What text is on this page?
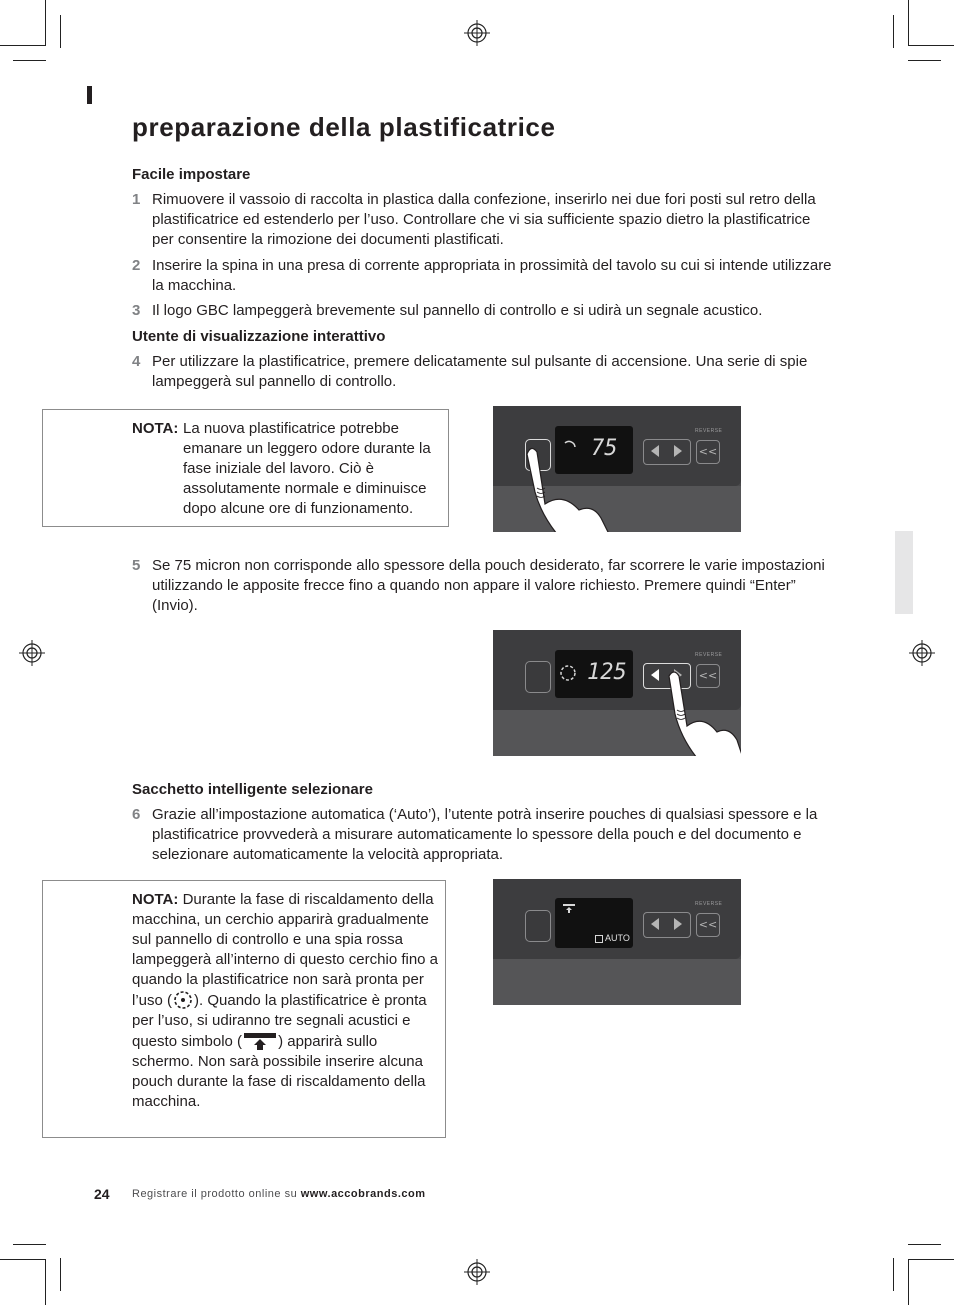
preparazione della plastificatrice
Facile impostare
1 Rimuovere il vassoio di raccolta in plastica dalla confezione, inserirlo nei due fori posti sul retro della plastificatrice ed estenderlo per l’uso. Controllare che vi sia sufficiente spazio dietro la plastificatrice per consentire la rimozione dei documenti plastificati.
2 Inserire la spina in una presa di corrente appropriata in prossimità del tavolo su cui si intende utilizzare la macchina.
3 Il logo GBC lampeggerà brevemente sul pannello di controllo e si udirà un segnale acustico.
Utente di visualizzazione interattivo
4 Per utilizzare la plastificatrice, premere delicatamente sul pulsante di accensione. Una serie di spie lampeggerà sul pannello di controllo.
NOTA: La nuova plastificatrice potrebbe emanare un leggero odore durante la fase iniziale del lavoro. Ciò è assolutamente normale e diminuisce dopo alcune ore di funzionamento.
75	<<
REVERSE
5 Se 75 micron non corrisponde allo spessore della pouch desiderato, far scorrere le varie impostazioni utilizzando le apposite frecce fino a quando non appare il valore richiesto. Premere quindi “Enter” (Invio).
125	<<
REVERSE
Sacchetto intelligente selezionare
6 Grazie all’impostazione automatica (‘Auto’), l’utente potrà inserire pouches di qualsiasi spessore e la plastificatrice provvederà a misurare automaticamente lo spessore della pouch e del documento e selezionare automaticamente la velocità appropriata.
NOTA: Durante la fase di riscaldamento della macchina, un cerchio apparirà gradualmente sul pannello di controllo e una spia rossa lampeggerà all’interno di questo cerchio fino a quando la plastificatrice non sarà pronta per l’uso ( ). Quando la plastificatrice è pronta per l’uso, si udiranno tre segnali acustici e questo simbolo ( ) apparirà sullo schermo. Non sarà possibile inserire alcuna pouch durante la fase di riscaldamento della macchina.
AUTO
<<
REVERSE
24 Registrare il prodotto online su www.accobrands.com
